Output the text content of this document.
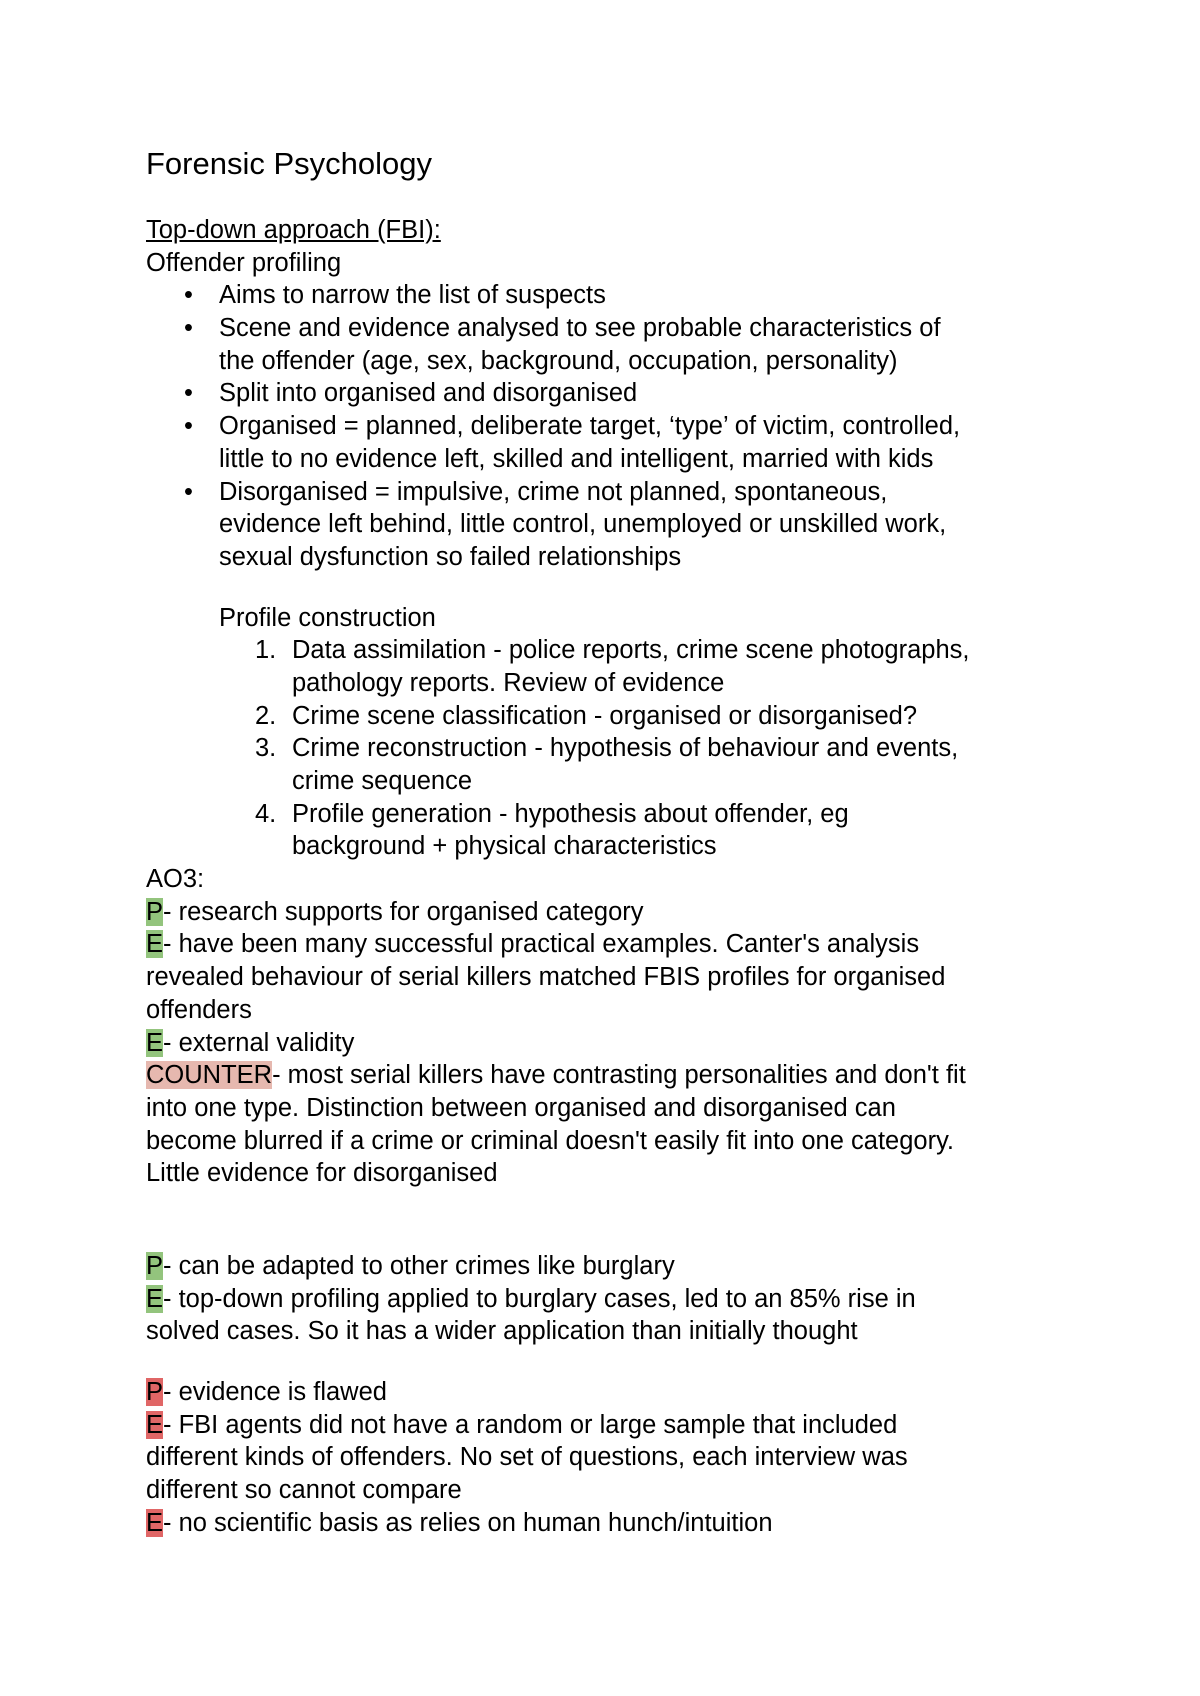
Forensic Psychology
Top-down approach (FBI):
Offender profiling
• Aims to narrow the list of suspects
• Scene and evidence analysed to see probable characteristics of
the offender (age, sex, background, occupation, personality)
• Split into organised and disorganised
• Organised = planned, deliberate target, ‘type’ of victim, controlled,
little to no evidence left, skilled and intelligent, married with kids
• Disorganised = impulsive, crime not planned, spontaneous,
evidence left behind, little control, unemployed or unskilled work,
sexual dysfunction so failed relationships
Profile construction
1. Data assimilation - police reports, crime scene photographs,
pathology reports. Review of evidence
2. Crime scene classification - organised or disorganised?
3. Crime reconstruction - hypothesis of behaviour and events,
crime sequence
4. Profile generation - hypothesis about offender, eg
background + physical characteristics
AO3:
P- research supports for organised category
E- have been many successful practical examples. Canter's analysis
revealed behaviour of serial killers matched FBIS profiles for organised
offenders
E- external validity
COUNTER- most serial killers have contrasting personalities and don't fit
into one type. Distinction between organised and disorganised can
become blurred if a crime or criminal doesn't easily fit into one category.
Little evidence for disorganised
P- can be adapted to other crimes like burglary
E- top-down profiling applied to burglary cases, led to an 85% rise in
solved cases. So it has a wider application than initially thought
P- evidence is flawed
E- FBI agents did not have a random or large sample that included
different kinds of offenders. No set of questions, each interview was
different so cannot compare
E- no scientific basis as relies on human hunch/intuition
